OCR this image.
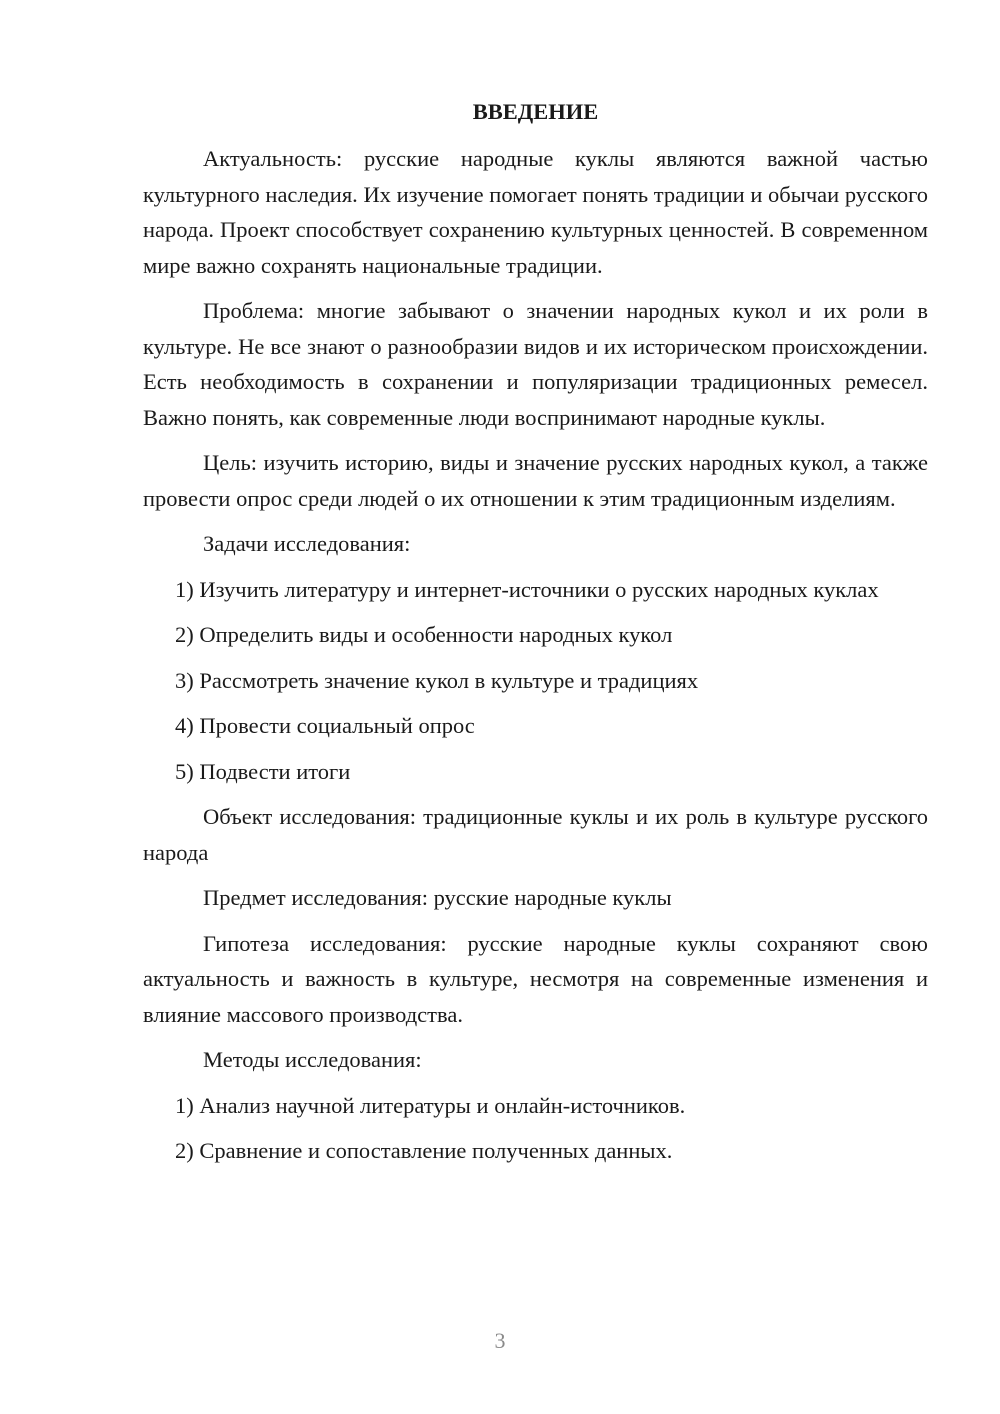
ВВЕДЕНИЕ

Актуальность: русские народные куклы являются важной частью культурного наследия. Их изучение помогает понять традиции и обычаи русского народа. Проект способствует сохранению культурных ценностей. В современном мире важно сохранять национальные традиции.

Проблема: многие забывают о значении народных кукол и их роли в культуре. Не все знают о разнообразии видов и их историческом происхождении. Есть необходимость в сохранении и популяризации традиционных ремесел. Важно понять, как современные люди воспринимают народные куклы.

Цель: изучить историю, виды и значение русских народных кукол, а также провести опрос среди людей о их отношении к этим традиционным изделиям.

Задачи исследования:

1) Изучить литературу и интернет-источники о русских народных куклах

2) Определить виды и особенности народных кукол

3) Рассмотреть значение кукол в культуре и традициях

4) Провести социальный опрос

5) Подвести итоги

Объект исследования: традиционные куклы и их роль в культуре русского народа

Предмет исследования: русские народные куклы

Гипотеза исследования: русские народные куклы сохраняют свою актуальность и важность в культуре, несмотря на современные изменения и влияние массового производства.

Методы исследования:

1) Анализ научной литературы и онлайн-источников.

2) Сравнение и сопоставление полученных данных.

3
